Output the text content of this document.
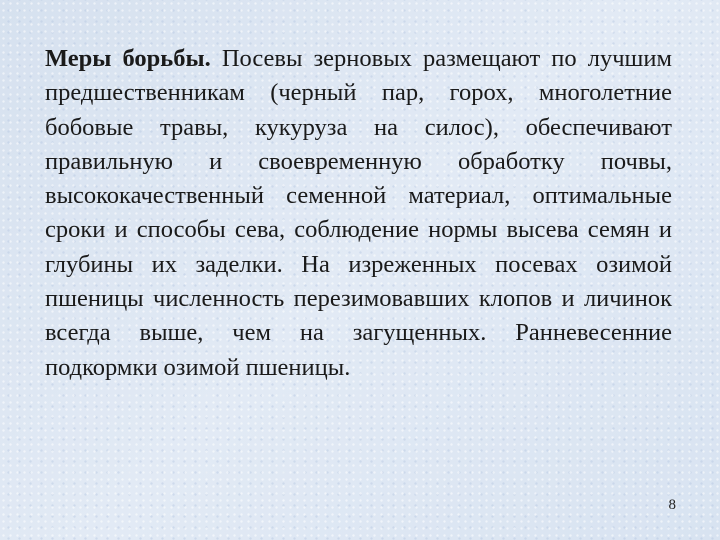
Меры борьбы. Посевы зерновых размещают по лучшим предшественникам (черный пар, горох, многолетние бобовые травы, кукуруза на силос), обеспечивают правильную и своевременную обработку почвы, высококачественный семенной материал, оптимальные сроки и способы сева, соблюдение нормы высева семян и глубины их заделки. На изреженных посевах озимой пшеницы численность перезимовавших клопов и личинок всегда выше, чем на загущенных. Ранневесенние подкормки озимой пшеницы.

8
